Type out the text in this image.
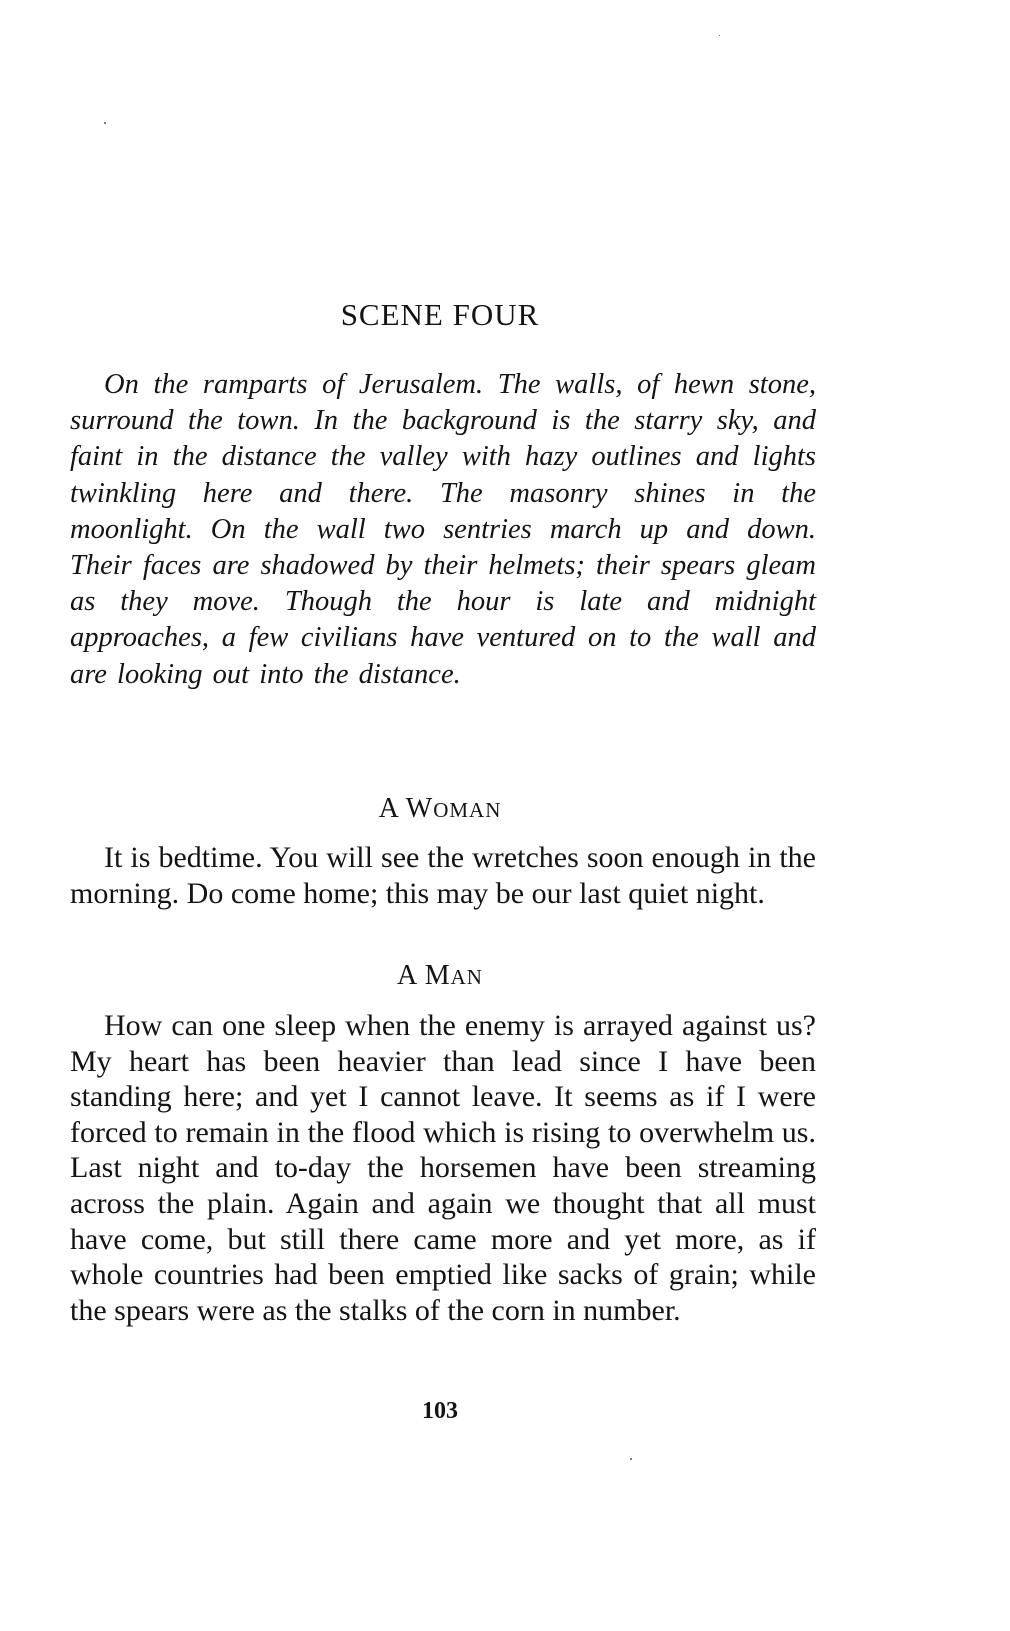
SCENE FOUR

On the ramparts of Jerusalem. The walls, of hewn stone, surround the town. In the background is the starry sky, and faint in the distance the valley with hazy outlines and lights twinkling here and there. The masonry shines in the moonlight. On the wall two sentries march up and down. Their faces are shadowed by their helmets; their spears gleam as they move. Though the hour is late and midnight approaches, a few civilians have ventured on to the wall and are looking out into the distance.

A WOMAN

It is bedtime. You will see the wretches soon enough in the morning. Do come home; this may be our last quiet night.

A MAN

How can one sleep when the enemy is arrayed against us? My heart has been heavier than lead since I have been standing here; and yet I cannot leave. It seems as if I were forced to remain in the flood which is rising to overwhelm us. Last night and to-day the horsemen have been streaming across the plain. Again and again we thought that all must have come, but still there came more and yet more, as if whole countries had been emptied like sacks of grain; while the spears were as the stalks of the corn in number.

103
